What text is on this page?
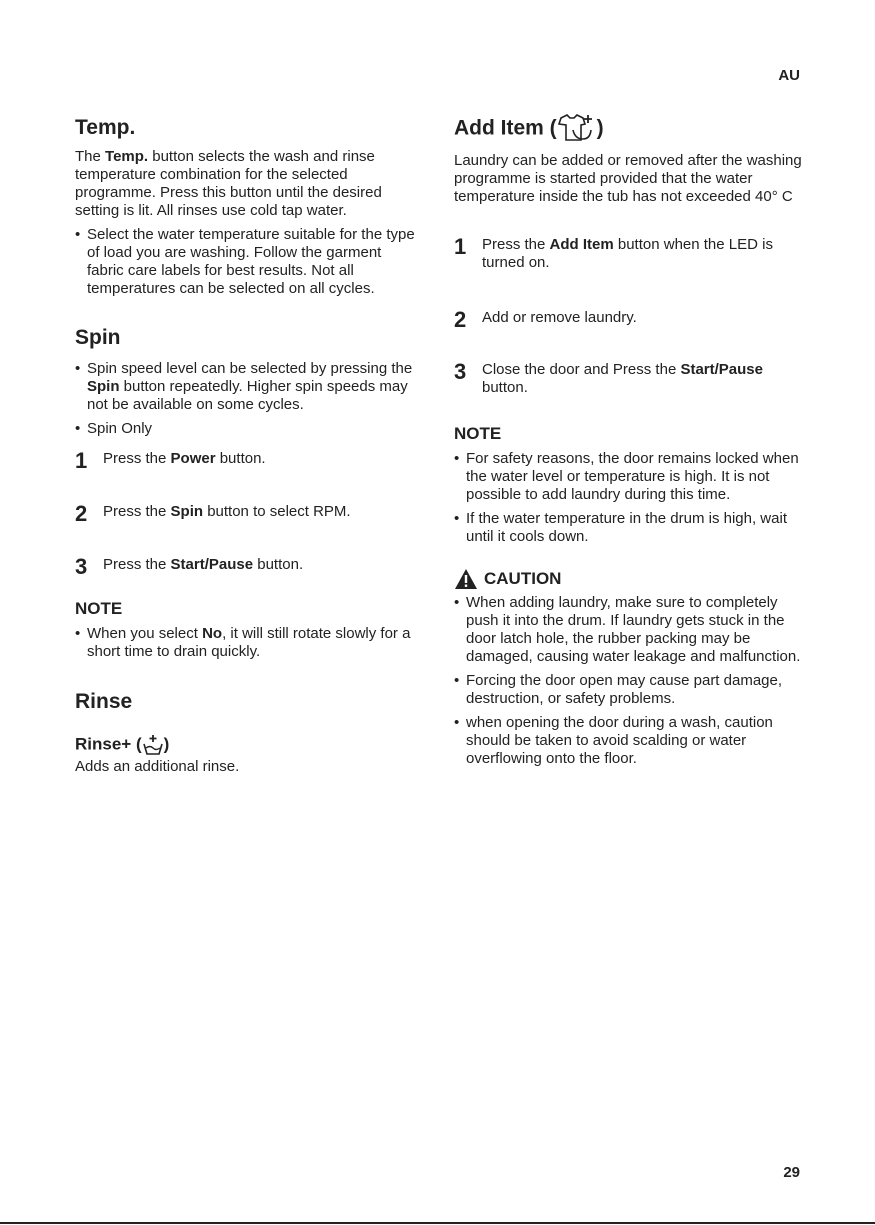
AU
Temp.

The Temp. button selects the wash and rinse temperature combination for the selected programme. Press this button until the desired setting is lit. All rinses use cold tap water.

• Select the water temperature suitable for the type of load you are washing. Follow the garment fabric care labels for best results. Not all temperatures can be selected on all cycles.

Spin

• Spin speed level can be selected by pressing the Spin button repeatedly. Higher spin speeds may not be available on some cycles.

• Spin Only

1 Press the Power button.

2 Press the Spin button to select RPM.

3 Press the Start/Pause button.

NOTE

• When you select No, it will still rotate slowly for a short time to drain quickly.

Rinse
Rinse+ ( )

Adds an additional rinse.

Add Item ( )

Laundry can be added or removed after the washing programme is started provided that the water temperature inside the tub has not exceeded 40° C

1 Press the Add Item button when the LED is turned on.

2 Add or remove laundry.

3 Close the door and Press the Start/Pause button.

NOTE

• For safety reasons, the door remains locked when the water level or temperature is high. It is not possible to add laundry during this time.

• If the water temperature in the drum is high, wait until it cools down.

CAUTION

• When adding laundry, make sure to completely push it into the drum. If laundry gets stuck in the door latch hole, the rubber packing may be damaged, causing water leakage and malfunction.

• Forcing the door open may cause part damage, destruction, or safety problems.

• when opening the door during a wash, caution should be taken to avoid scalding or water overflowing onto the floor.

29
